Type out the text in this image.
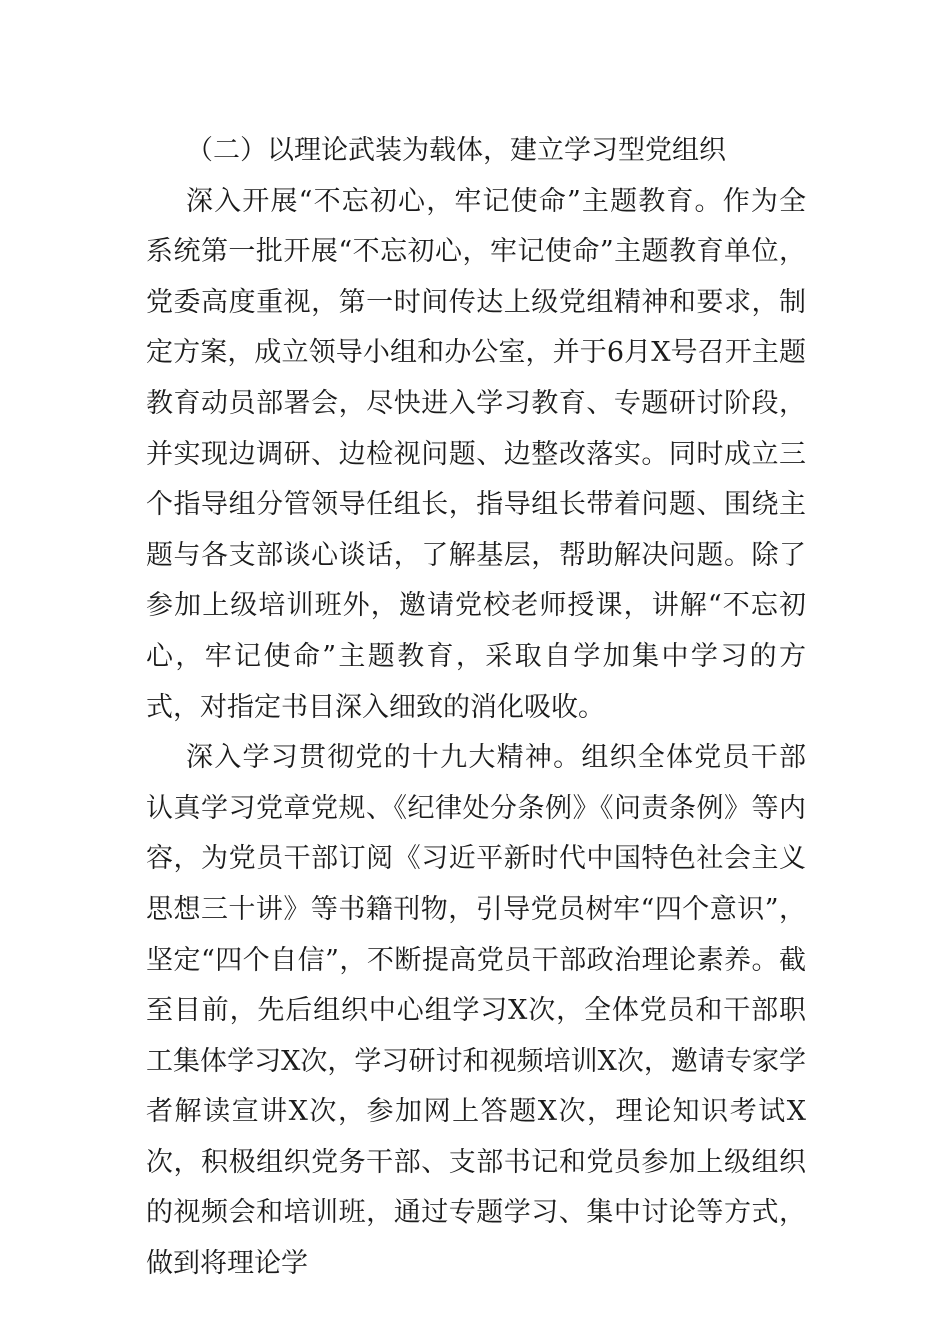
（二）以理论武装为载体，建立学习型党组织

深入开展“不忘初心，牢记使命”主题教育。作为全系统第一批开展“不忘初心，牢记使命”主题教育单位，党委高度重视，第一时间传达上级党组精神和要求，制定方案，成立领导小组和办公室，并于6月X号召开主题教育动员部署会，尽快进入学习教育、专题研讨阶段，并实现边调研、边检视问题、边整改落实。同时成立三个指导组分管领导任组长，指导组长带着问题、围绕主题与各支部谈心谈话，了解基层，帮助解决问题。除了参加上级培训班外，邀请党校老师授课，讲解“不忘初心，牢记使命”主题教育，采取自学加集中学习的方式，对指定书目深入细致的消化吸收。

深入学习贯彻党的十九大精神。组织全体党员干部认真学习党章党规、《纪律处分条例》《问责条例》等内容，为党员干部订阅《习近平新时代中国特色社会主义思想三十讲》等书籍刊物，引导党员树牢“四个意识”，坚定“四个自信”，不断提高党员干部政治理论素养。截至目前，先后组织中心组学习X次，全体党员和干部职工集体学习X次，学习研讨和视频培训X次，邀请专家学者解读宣讲X次，参加网上答题X次，理论知识考试X次，积极组织党务干部、支部书记和党员参加上级组织的视频会和培训班，通过专题学习、集中讨论等方式，做到将理论学
